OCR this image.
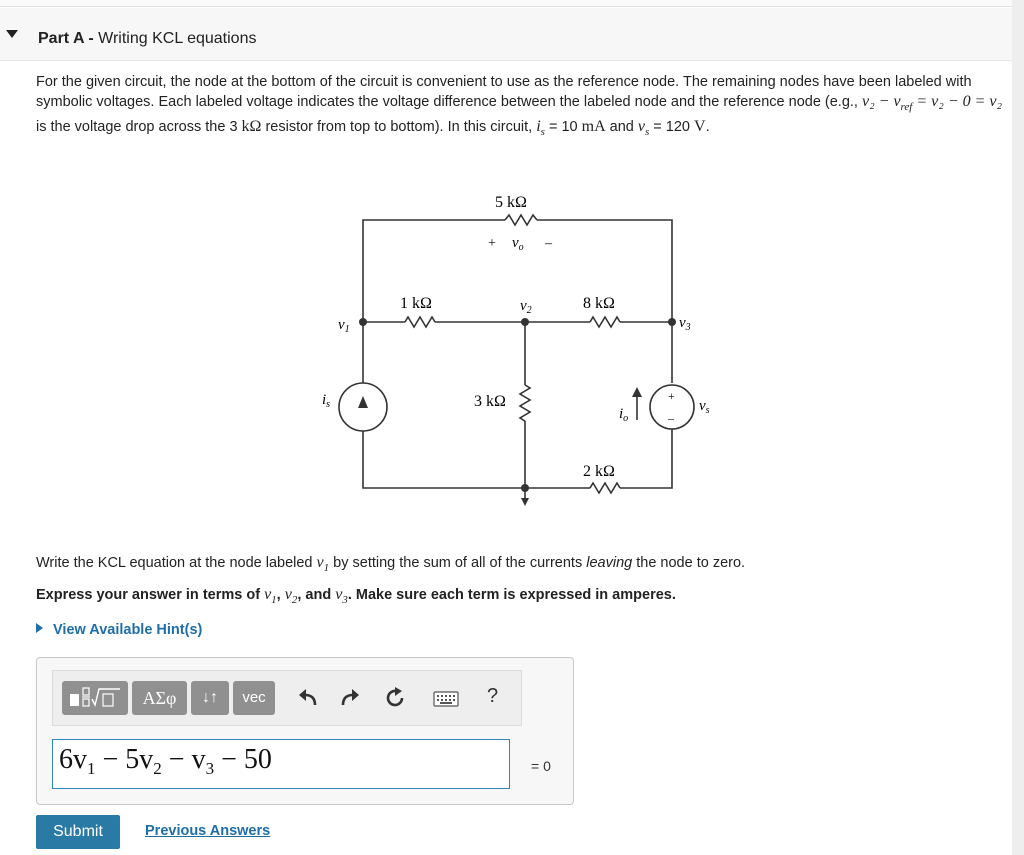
Part A - Writing KCL equations
For the given circuit, the node at the bottom of the circuit is convenient to use as the reference node. The remaining nodes have been labeled with symbolic voltages. Each labeled voltage indicates the voltage difference between the labeled node and the reference node (e.g., $v_2 - v_{ref} = v_2 - 0 = v_2$ is the voltage drop across the 3 kΩ resistor from top to bottom). In this circuit, $i_s = 10$ mA and $v_s = 120$ V.
5 kΩ
+ $v_o$ –
$v_1$
1 kΩ	$v_2$	8 kΩ
$v_3$
$i_s$	3 kΩ
$i_o$
+
–
$v_s$
2 kΩ
Write the KCL equation at the node labeled $v_1$ by setting the sum of all of the currents leaving the node to zero.
Express your answer in terms of $v_1$, $v_2$, and $v_3$. Make sure each term is expressed in amperes.
View Available Hint(s)
ΑΣφ	↓↑	vec	?
$6v_1 - 5v_2 - v_3 - 50$	= 0
Submit	Previous Answers
